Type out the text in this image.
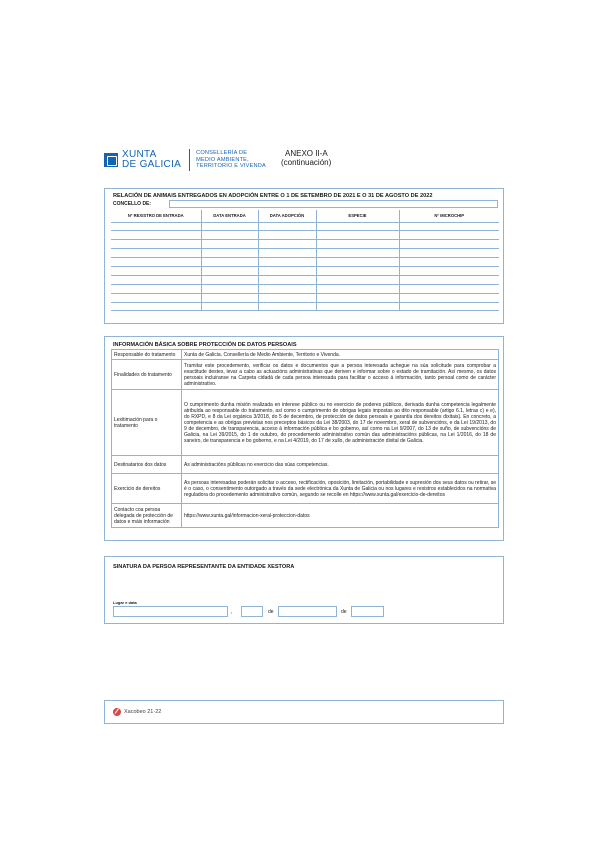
XUNTA
DE GALICIA
CONSELLERÍA DE
MEDIO AMBIENTE,
TERRITORIO E VIVENDA
ANEXO II-A
(continuación)
RELACIÓN DE ANIMAIS ENTREGADOS EN ADOPCIÓN ENTRE O 1 DE SETEMBRO DE 2021 E O 31 DE AGOSTO DE 2022
CONCELLO DE:
Nº REXISTRO DE ENTRADA	DATA ENTRADA	DATA ADOPCIÓN	ESPECIE	Nº MICROCHIP

INFORMACIÓN BÁSICA SOBRE PROTECCIÓN DE DATOS PERSOAIS
Responsable do tratamento	Xunta de Galicia. Consellería de Medio Ambiente, Territorio e Vivenda.
Finalidades do tratamento	Tramitar este procedemento, verificar os datos e documentos que a persoa interesada achegue na súa solicitude para comprobar a exactitude destes, levar a cabo as actuacións administrativas que deriven e informar sobre o estado de tramitación. Así mesmo, os datos persoais incluiranse na Carpeta cidadá de cada persoa interesada para facilitar o acceso á información, tanto persoal como de carácter administrativo.
Lexitimación para o tratamento	O cumprimento dunha misión realizada en interese público ou no exercicio de poderes públicos, derivada dunha competencia legalmente atribuída ao responsable do tratamento, así como o cumprimento de obrigas legais impostas ao dito responsable (artigo 6.1, letras c) e e), do RXPD, e 8 da Lei orgánica 3/2018, do 5 de decembro, de protección de datos persoais e garantía dos dereitos dixitais). En concreto, a competencia e as obrigas previstas nos preceptos básicos da Lei 38/2003, do 17 de novembro, xeral de subvencións, e da Lei 19/2013, do 9 de decembro, de transparencia, acceso á información pública e bo goberno, así como na Lei 9/2007, do 13 de xuño, de subvencións de Galicia, na Lei 39/2015, do 1 de outubro, do procedemento administrativo común das administracións públicas, na Lei 1/2016, do 18 de xaneiro, de transparencia e bo goberno, e na Lei 4/2019, do 17 de xullo, de administración dixital de Galicia.
Destinatarios dos datos	As administracións públicas no exercicio das súas competencias.
Exercicio de dereitos	As persoas interesadas poderán solicitar o acceso, rectificación, oposición, limitación, portabilidade e supresión dos seus datos ou retirar, se é o caso, o consentimento outorgado a través da sede electrónica da Xunta de Galicia ou nos lugares e rexistros establecidos na normativa reguladora do procedemento administrativo común, segundo se recolle en https://www.xunta.gal/exercicio-de-dereitos
Contacto coa persoa delegada de protección de datos e máis información	https://www.xunta.gal/informacion-xeral-proteccion-datos
SINATURA DA PERSOA REPRESENTANTE DA ENTIDADE XESTORA
Lugar e data
,	de	de
Xacobeo 21·22
